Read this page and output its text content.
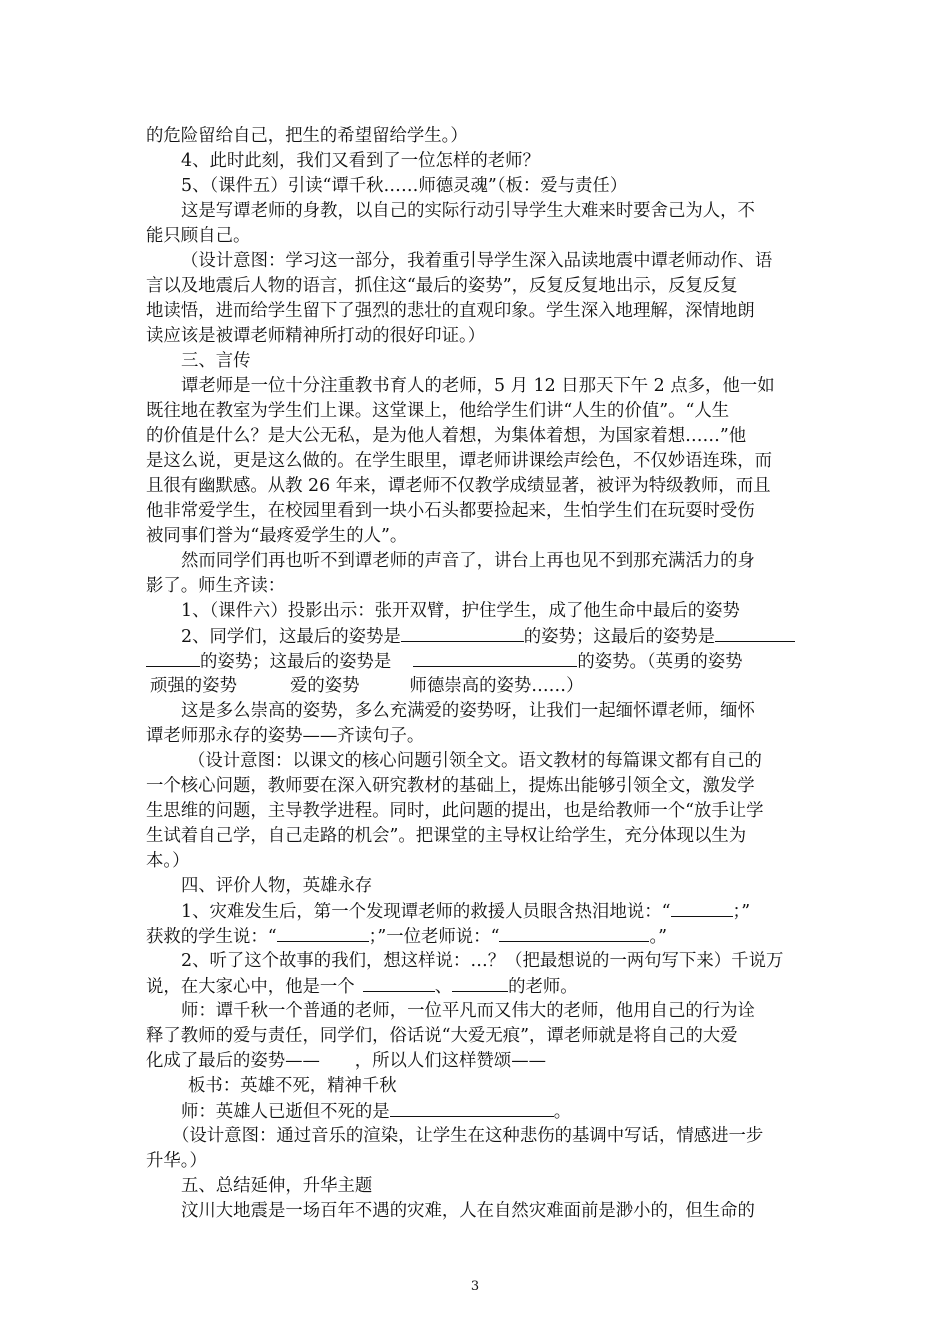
的危险留给自己，把生的希望留给学生。）
4、此时此刻，我们又看到了一位怎样的老师？
5、（课件五）引读“谭千秋……师德灵魂”（板：爱与责任）
这是写谭老师的身教，以自己的实际行动引导学生大难来时要舍己为人，不
能只顾自己。
（设计意图：学习这一部分，我着重引导学生深入品读地震中谭老师动作、语
言以及地震后人物的语言，抓住这“最后的姿势”，反复反复地出示，反复反复
地读悟，进而给学生留下了强烈的悲壮的直观印象。学生深入地理解，深情地朗
读应该是被谭老师精神所打动的很好印证。）
三、言传
谭老师是一位十分注重教书育人的老师，5 月 12 日那天下午 2 点多，他一如
既往地在教室为学生们上课。这堂课上，他给学生们讲“人生的价值”。“人生
的价值是什么？是大公无私，是为他人着想，为集体着想，为国家着想……”他
是这么说，更是这么做的。在学生眼里，谭老师讲课绘声绘色，不仅妙语连珠，而
且很有幽默感。从教 26 年来，谭老师不仅教学成绩显著，被评为特级教师，而且
他非常爱学生，在校园里看到一块小石头都要捡起来，生怕学生们在玩耍时受伤
被同事们誉为“最疼爱学生的人”。
然而同学们再也听不到谭老师的声音了，讲台上再也见不到那充满活力的身
影了。师生齐读：
1、（课件六）投影出示：张开双臂，护住学生，成了他生命中最后的姿势
2、同学们，这最后的姿势是	的姿势；这最后的姿势是
的姿势；这最后的姿势是	的姿势。（英勇的姿势
顽强的姿势	爱的姿势	师德崇高的姿势……）
这是多么崇高的姿势，多么充满爱的姿势呀，让我们一起缅怀谭老师，缅怀
谭老师那永存的姿势——齐读句子。
（设计意图：以课文的核心问题引领全文。语文教材的每篇课文都有自己的
一个核心问题，教师要在深入研究教材的基础上，提炼出能够引领全文，激发学
生思维的问题，主导教学进程。同时，此问题的提出，也是给教师一个“放手让学
生试着自己学，自己走路的机会”。把课堂的主导权让给学生，充分体现以生为
本。）
四、评价人物，英雄永存
1、灾难发生后，第一个发现谭老师的救援人员眼含热泪地说：“	；”
获救的学生说：“	；”一位老师说：“	。”
2、听了这个故事的我们，想这样说：…？（把最想说的一两句写下来）千说万
说，在大家心中，他是一个	、	的老师。
师：谭千秋一个普通的老师，一位平凡而又伟大的老师，他用自己的行为诠
释了教师的爱与责任，同学们，俗话说“大爱无痕”，谭老师就是将自己的大爱
化成了最后的姿势——　　，所以人们这样赞颂——
板书：英雄不死，精神千秋
师：英雄人已逝但不死的是	。
（设计意图：通过音乐的渲染，让学生在这种悲伤的基调中写话，情感进一步
升华。）
五、总结延伸，升华主题
汶川大地震是一场百年不遇的灾难，人在自然灾难面前是渺小的，但生命的
3
